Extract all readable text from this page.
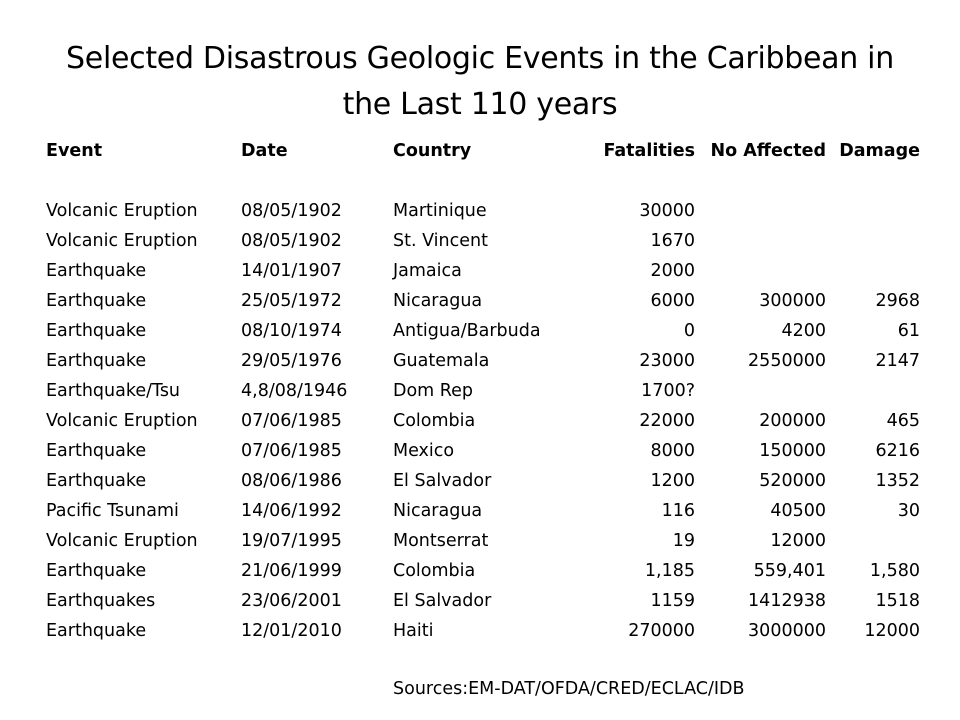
Selected Disastrous Geologic Events in the Caribbean in the Last 110 years
Event	Date	Country	Fatalities	No Affected	Damage

Volcanic Eruption	08/05/1902	Martinique	30000		
Volcanic Eruption	08/05/1902	St. Vincent	1670		
Earthquake	14/01/1907	Jamaica	2000		
Earthquake	25/05/1972	Nicaragua	6000	300000	2968
Earthquake	08/10/1974	Antigua/Barbuda	0	4200	61
Earthquake	29/05/1976	Guatemala	23000	2550000	2147
Earthquake/Tsu	4,8/08/1946	Dom Rep	1700?		
Volcanic Eruption	07/06/1985	Colombia	22000	200000	465
Earthquake	07/06/1985	Mexico	8000	150000	6216
Earthquake	08/06/1986	El Salvador	1200	520000	1352
Pacific Tsunami	14/06/1992	Nicaragua	116	40500	30
Volcanic Eruption	19/07/1995	Montserrat	19	12000	
Earthquake	21/06/1999	Colombia	1,185	559,401	1,580
Earthquakes	23/06/2001	El Salvador	1159	1412938	1518
Earthquake	12/01/2010	Haiti	270000	3000000	12000
Sources:EM-DAT/OFDA/CRED/ECLAC/IDB
